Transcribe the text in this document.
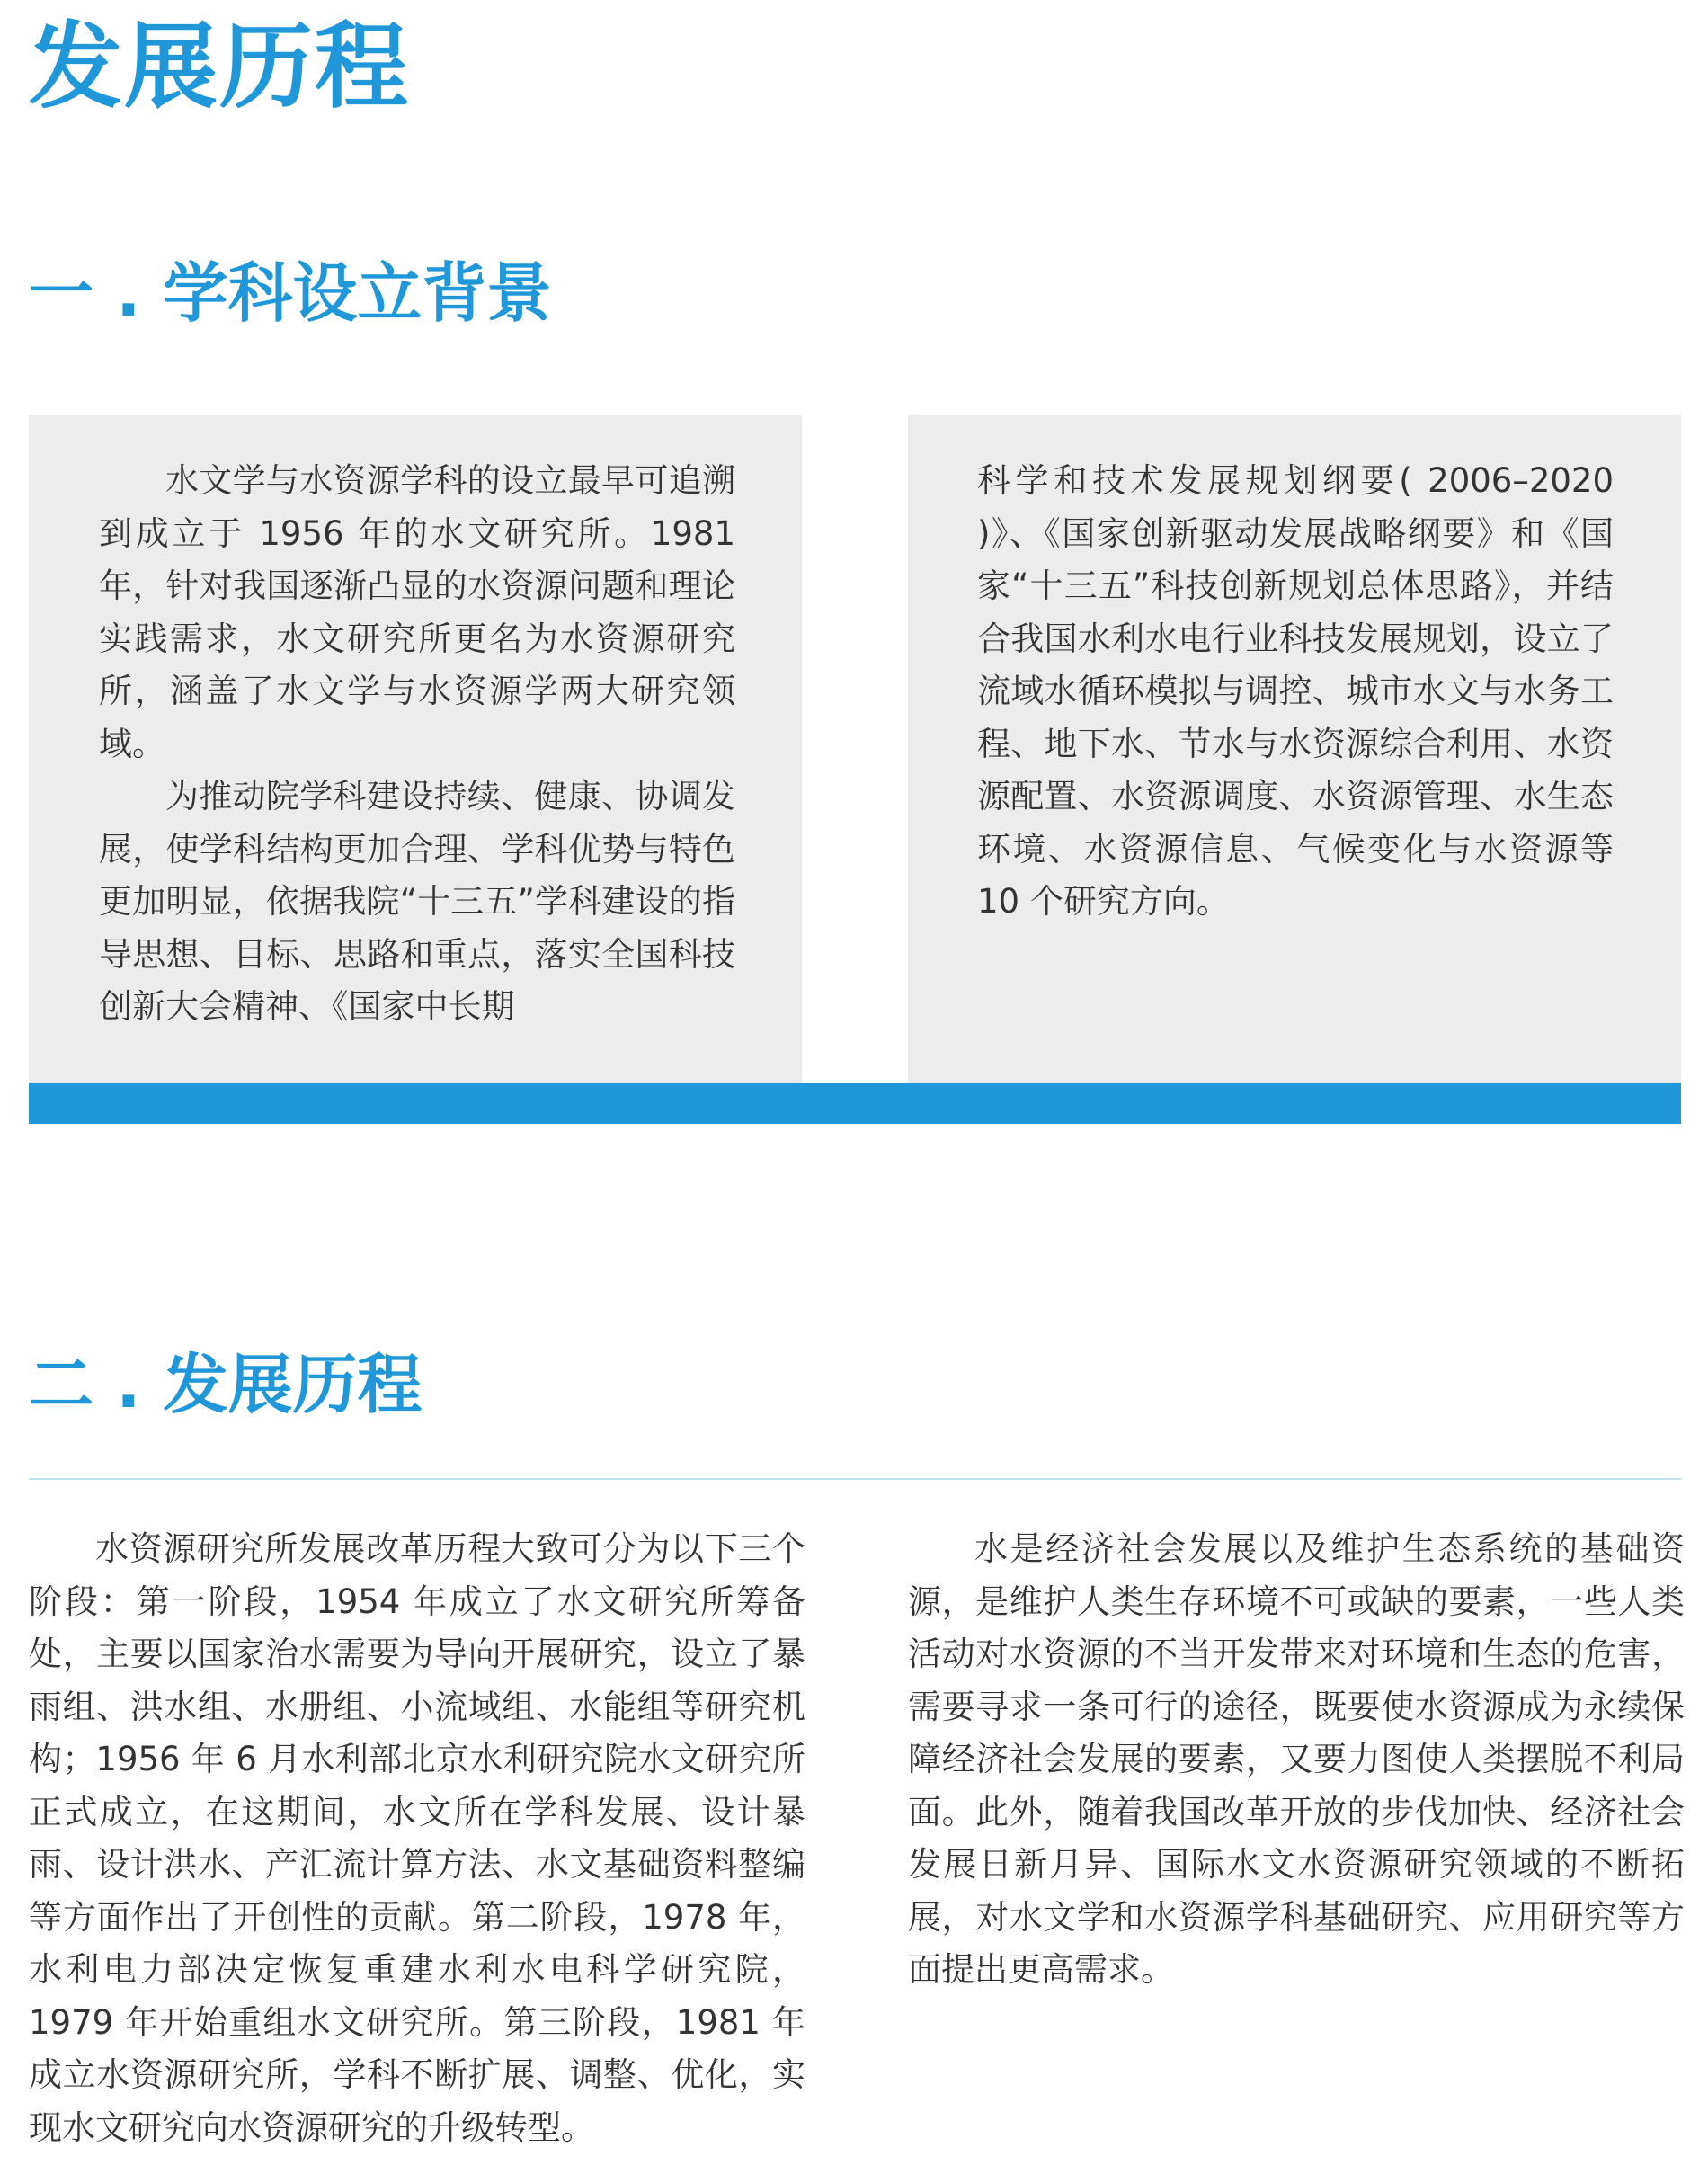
发展历程
一 . 学科设立背景

水文学与水资源学科的设立最早可追溯到成立于 1956 年的水文研究所。1981 年，针对我国逐渐凸显的水资源问题和理论实践需求，水文研究所更名为水资源研究所，涵盖了水文学与水资源学两大研究领域。

为推动院学科建设持续、健康、协调发展，使学科结构更加合理、学科优势与特色更加明显，依据我院“十三五”学科建设的指导思想、目标、思路和重点，落实全国科技创新大会精神、《国家中长期

科学和技术发展规划纲要( 2006–2020 )》、《国家创新驱动发展战略纲要》和《国家“十三五”科技创新规划总体思路》，并结合我国水利水电行业科技发展规划，设立了流域水循环模拟与调控、城市水文与水务工程、地下水、节水与水资源综合利用、水资源配置、水资源调度、水资源管理、水生态环境、水资源信息、气候变化与水资源等 10 个研究方向。

二 . 发展历程

水资源研究所发展改革历程大致可分为以下三个阶段：第一阶段，1954 年成立了水文研究所筹备处，主要以国家治水需要为导向开展研究，设立了暴雨组、洪水组、水册组、小流域组、水能组等研究机构；1956 年 6 月水利部北京水利研究院水文研究所正式成立，在这期间，水文所在学科发展、设计暴雨、设计洪水、产汇流计算方法、水文基础资料整编等方面作出了开创性的贡献。第二阶段，1978 年，水利电力部决定恢复重建水利水电科学研究院，1979 年开始重组水文研究所。第三阶段，1981 年成立水资源研究所，学科不断扩展、调整、优化，实现水文研究向水资源研究的升级转型。

水是经济社会发展以及维护生态系统的基础资源，是维护人类生存环境不可或缺的要素，一些人类活动对水资源的不当开发带来对环境和生态的危害，需要寻求一条可行的途径，既要使水资源成为永续保障经济社会发展的要素，又要力图使人类摆脱不利局面。此外，随着我国改革开放的步伐加快、经济社会发展日新月异、国际水文水资源研究领域的不断拓展，对水文学和水资源学科基础研究、应用研究等方面提出更高需求。
